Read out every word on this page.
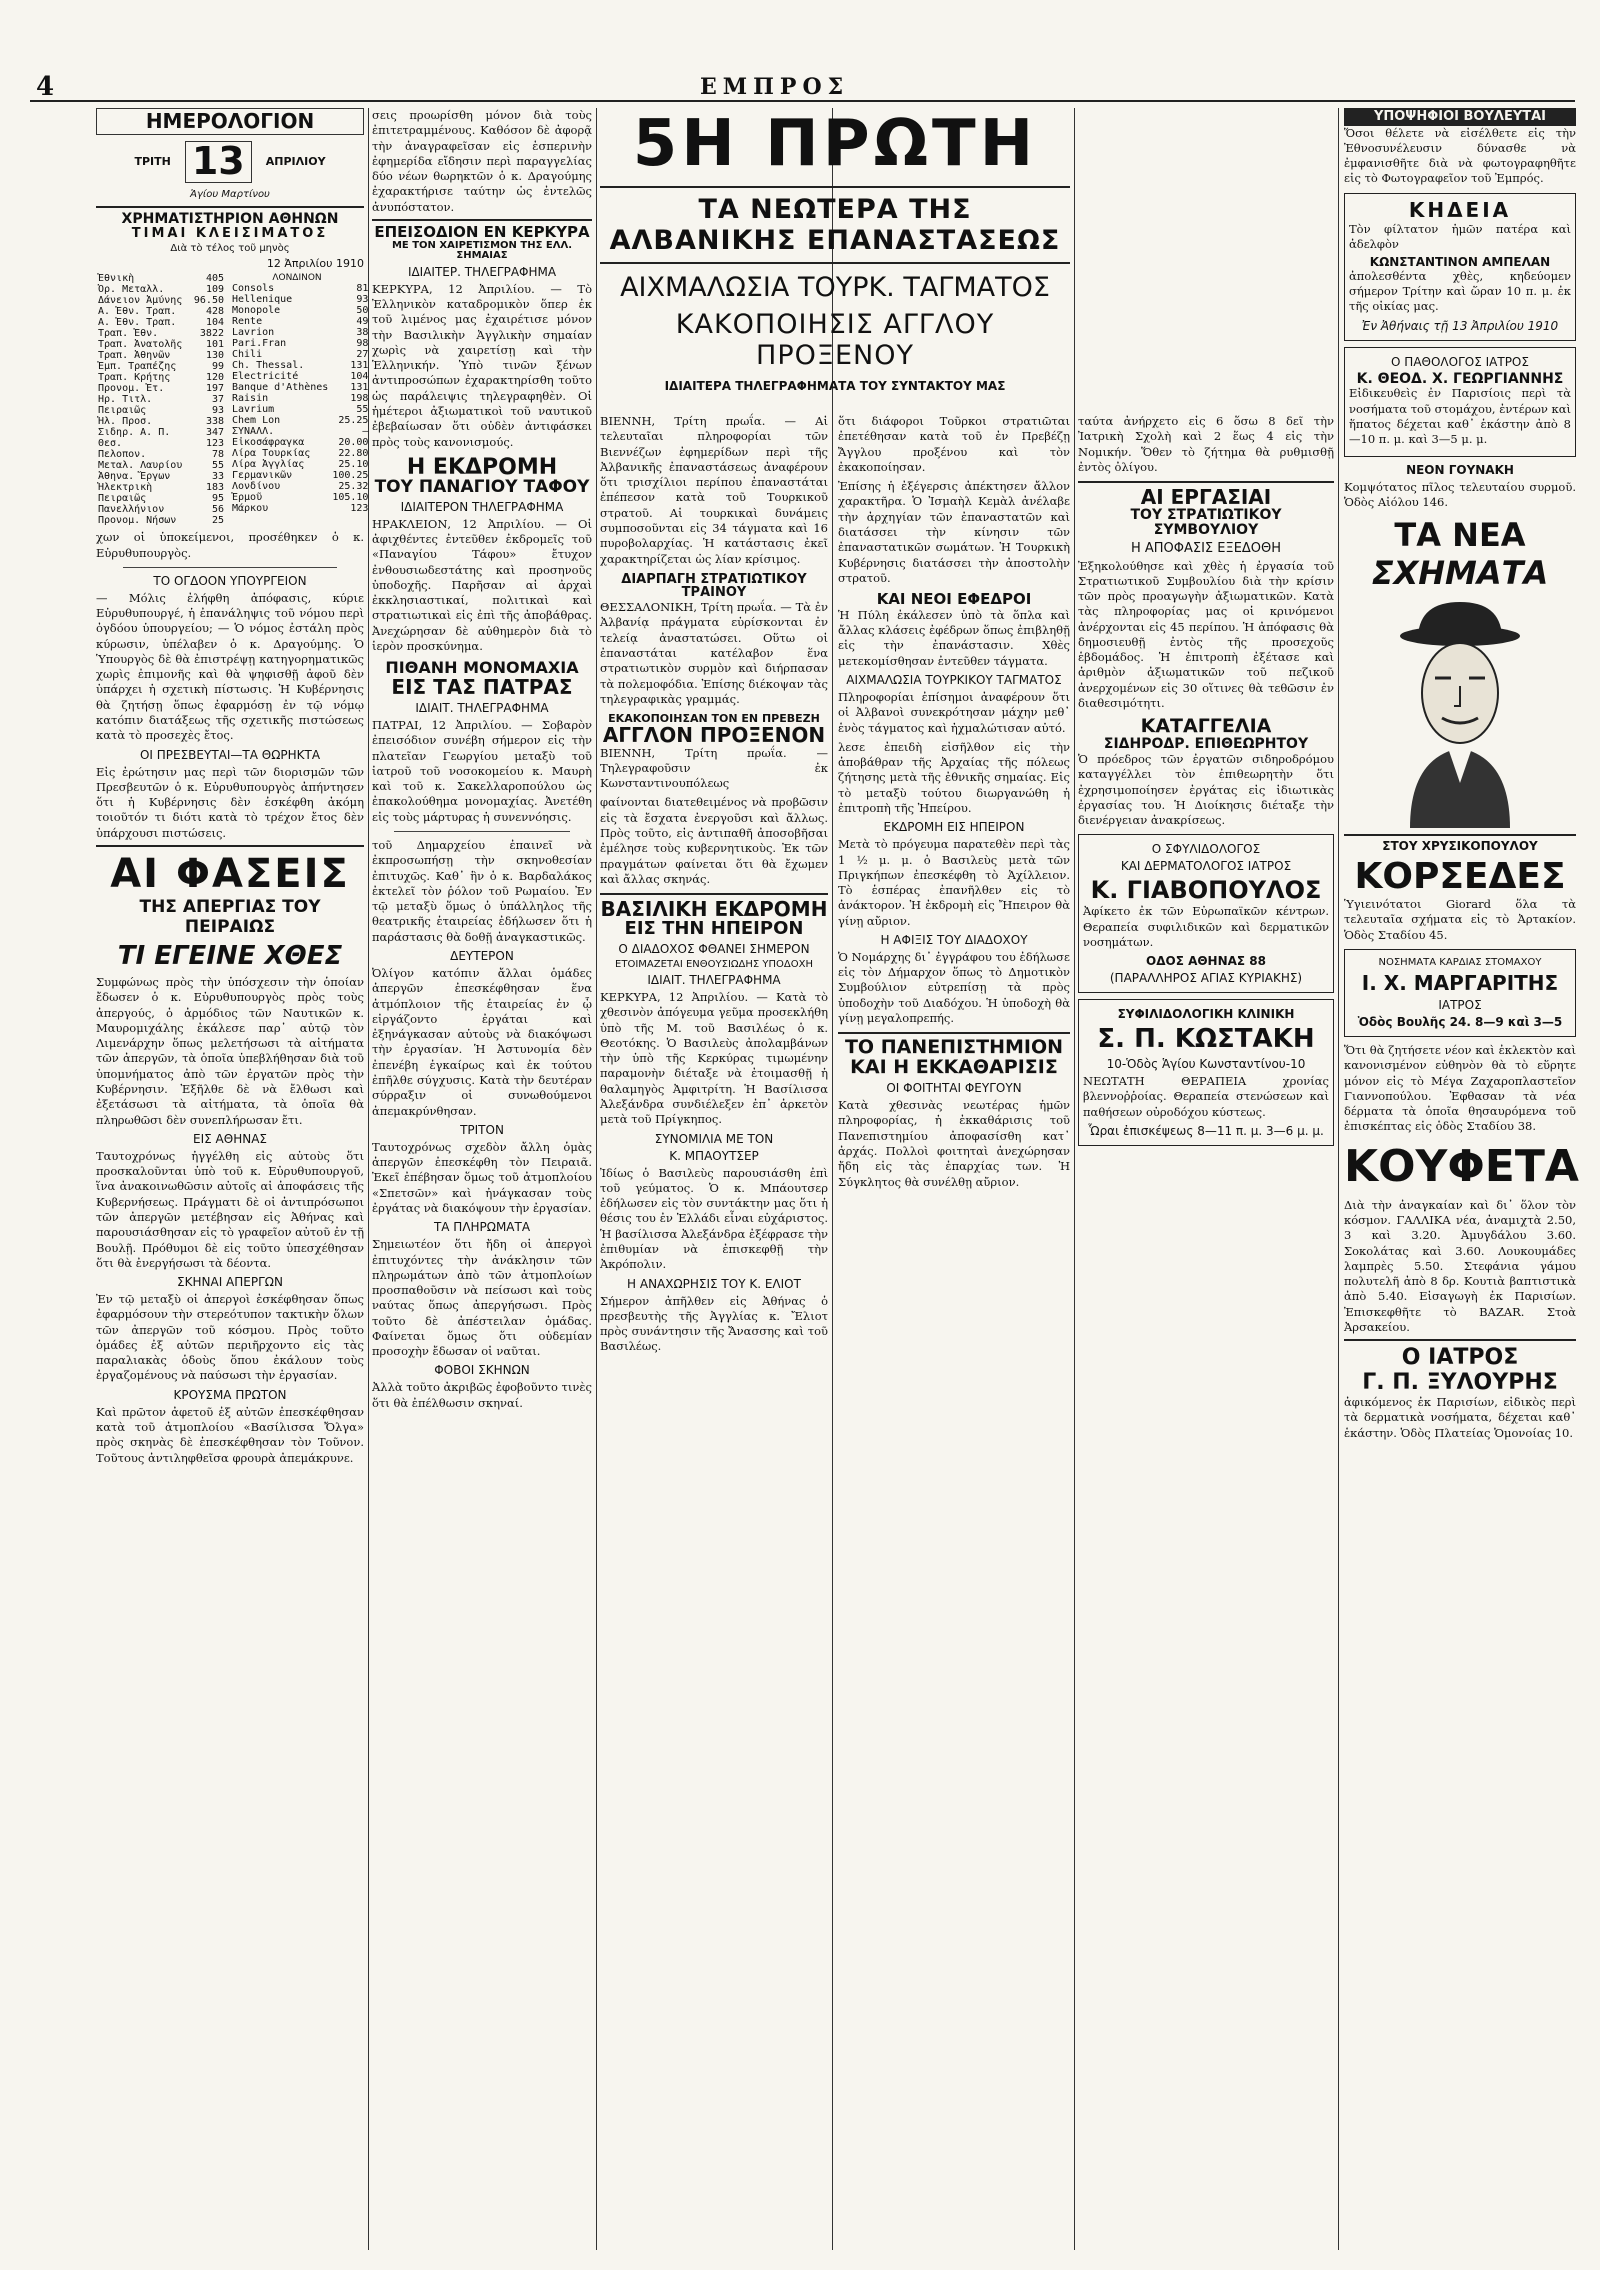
4	ΕΜΠΡΟΣ
ΗΜΕΡΟΛΟΓΙΟΝ
ΤΡΙΤΗ 13	ΑΠΡΙΛΙΟΥ
Ἁγίου Μαρτίνου
ΧΡΗΜΑΤΙΣΤΗΡΙΟΝ ΑΘΗΝΩΝ
ΤΙΜΑΙ ΚΛΕΙΣΙΜΑΤΟΣ
Διὰ τὸ τέλος τοῦ μηνὸς
12 Ἀπριλίου 1910
Ἐθνικὴ	405
Ὀρ. Μεταλλ.	109
Δάνειον Ἀμύνης	96.50
Α. Ἐθν. Τραπ.	428
Α. Ἐθν. Τραπ.	104
Τραπ. Ἐθν.	3822
Τραπ. Ἀνατολῆς	101
Τραπ. Ἀθηνῶν	130
Ἐμπ. Τραπέζης	99
Τραπ. Κρήτης	120
Προνομ. Ἐτ.	197
Ηρ. Τιτλ.	37
Πειραιῶς	93
Ἠλ. Προσ.	338
Σιδηρ. Α. Π.	347
Θεσ.	123
Πελοπον.	78
Μεταλ. Λαυρίου	55
Ἀθηνα. Ἔργων	33
Ἡλεκτρικὴ	183
Πειραιῶς	95
Πανελλήνιον	56
Προνομ. Νήσων	25
ΛΟΝΔΙΝΟΝ
Consols	81
Hellenique	93
Monopole	50
Rente	49
Lavrion	38
Pari.Fran	98
Chili	27
Ch. Thessal.	131
Electricité	104
Banque d'Athènes	131
Raisin	198
Lavrium	55
Chem Lon	25.25
ΣΥΝΑΛΛ.	—
Εἰκοσάφραγκα	20.00
Λίρα Τουρκίας	22.80
Λίρα Ἀγγλίας	25.10
Γερμανικῶν	100.25
Λονδίνου	25.32
Ἑρμοῦ	105.10
Μάρκου	123

χων οἱ ὑποκείμενοι, προσέθηκεν ὁ κ. Εὐρυθυπουργὸς.

ΤΟ ΟΓΔΟΟΝ ΥΠΟΥΡΓΕΙΟΝ

— Μόλις ἐλήφθη ἀπόφασις, κύριε Εὐρυθυπουργέ, ἡ ἐπανάληψις τοῦ νόμου περὶ ὀγδόου ὑπουργείου; — Ὁ νόμος ἐστάλη πρὸς κύρωσιν, ὑπέλαβεν ὁ κ. Δραγούμης. Ὁ Ὑπουργὸς δὲ θὰ ἐπιστρέψῃ κατηγορηματικῶς χωρὶς ἐπιμονῆς καὶ θὰ ψηφισθῇ ἀφοῦ δὲν ὑπάρχει ἡ σχετικὴ πίστωσις. Ἡ Κυβέρνησις θὰ ζητήσῃ ὅπως ἐφαρμόσῃ ἐν τῷ νόμῳ κατόπιν διατάξεως τῆς σχετικῆς πιστώσεως κατὰ τὸ προσεχὲς ἔτος.

ΟΙ ΠΡΕΣΒΕΥΤΑΙ—ΤΑ ΘΩΡΗΚΤΑ

Εἰς ἐρώτησιν μας περὶ τῶν διορισμῶν τῶν Πρεσβευτῶν ὁ κ. Εὐρυθυπουργὸς ἀπήντησεν ὅτι ἡ Κυβέρνησις δὲν ἐσκέφθη ἀκόμη τοιοῦτόν τι διότι κατὰ τὸ τρέχον ἔτος δὲν ὑπάρχουσι πιστώσεις.

ΑΙ ΦΑΣΕΙΣ
ΤΗΣ ΑΠΕΡΓΙΑΣ ΤΟΥ ΠΕΙΡΑΙΩΣ
ΤΙ ΕΓΕΙΝΕ ΧΘΕΣ

Συμφώνως πρὸς τὴν ὑπόσχεσιν τὴν ὁποίαν ἔδωσεν ὁ κ. Εὐρυθυπουργὸς πρὸς τοὺς ἀπεργούς, ὁ ἀρμόδιος τῶν Ναυτικῶν κ. Μαυρομιχάλης ἐκάλεσε παρ᾽ αὐτῷ τὸν Λιμενάρχην ὅπως μελετήσωσι τὰ αἰτήματα τῶν ἀπεργῶν, τὰ ὁποῖα ὑπεβλήθησαν διὰ τοῦ ὑπομνήματος ἀπὸ τῶν ἐργατῶν πρὸς τὴν Κυβέρνησιν. Ἐξῆλθε δὲ νὰ ἔλθωσι καὶ ἐξετάσωσι τὰ αἰτήματα, τὰ ὁποῖα θὰ πληρωθῶσι δὲν συνεπλήρωσαν ἔτι.

ΕΙΣ ΑΘΗΝΑΣ

Ταυτοχρόνως ἠγγέλθη εἰς αὐτοὺς ὅτι προσκαλοῦνται ὑπὸ τοῦ κ. Εὐρυθυπουργοῦ, ἵνα ἀνακοινωθῶσιν αὐτοῖς αἱ ἀποφάσεις τῆς Κυβερνήσεως. Πράγματι δὲ οἱ ἀντιπρόσωποι τῶν ἀπεργῶν μετέβησαν εἰς Ἀθήνας καὶ παρουσιάσθησαν εἰς τὸ γραφεῖον αὐτοῦ ἐν τῇ Βουλῇ. Πρόθυμοι δὲ εἰς τοῦτο ὑπεσχέθησαν ὅτι θὰ ἐνεργήσωσι τὰ δέοντα.

ΣΚΗΝΑΙ ΑΠΕΡΓΩΝ

Ἐν τῷ μεταξὺ οἱ ἀπεργοὶ ἐσκέφθησαν ὅπως ἐφαρμόσουν τὴν στερεότυπον τακτικὴν ὅλων τῶν ἀπεργῶν τοῦ κόσμου. Πρὸς τοῦτο ὁμάδες ἐξ αὐτῶν περιῆρχοντο εἰς τὰς παραλιακὰς ὁδοὺς ὅπου ἐκάλουν τοὺς ἐργαζομένους νὰ παύσωσι τὴν ἐργασίαν.

ΚΡΟΥΣΜΑ ΠΡΩΤΟΝ

Καὶ πρῶτον ἀφετοῦ ἐξ αὐτῶν ἐπεσκέφθησαν κατὰ τοῦ ἀτμοπλοίου «Βασίλισσα Ὄλγα» πρὸς σκηνὰς δὲ ἐπεσκέφθησαν τὸν Τοῦνον. Τοῦτους ἀντιληφθεῖσα φρουρὰ ἀπεμάκρυνε.

σεις προωρίσθη μόνον διὰ τοὺς ἐπιτετραμμένους. Καθόσον δὲ ἀφορᾷ τὴν ἀναγραφεῖσαν εἰς ἑσπερινὴν ἐφημερίδα εἴδησιν περὶ παραγγελίας δύο νέων θωρηκτῶν ὁ κ. Δραγούμης ἐχαρακτήρισε ταύτην ὡς ἐντελῶς ἀνυπόστατον.

ΕΠΕΙΣΟΔΙΟΝ ΕΝ ΚΕΡΚΥΡΑ
ΜΕ ΤΟΝ ΧΑΙΡΕΤΙΣΜΟΝ ΤΗΣ ΕΛΛ. ΣΗΜΑΙΑΣ
ΙΔΙΑΙΤΕΡ. ΤΗΛΕΓΡΑΦΗΜΑ

ΚΕΡΚΥΡΑ, 12 Ἀπριλίου. — Τὸ Ἐλληνικὸν καταδρομικὸν ὅπερ ἐκ τοῦ λιμένος μας ἐχαιρέτισε μόνον τὴν Βασιλικὴν Ἀγγλικὴν σημαίαν χωρὶς νὰ χαιρετίσῃ καὶ τὴν Ἑλληνικήν. Ὑπὸ τινῶν ξένων ἀντιπροσώπων ἐχαρακτηρίσθη τοῦτο ὡς παράλειψις τηλεγραφηθὲν. Οἱ ἡμέτεροι ἀξιωματικοὶ τοῦ ναυτικοῦ ἐβεβαίωσαν ὅτι οὐδὲν ἀντιφάσκει πρὸς τοὺς κανονισμούς.

Η ΕΚΔΡΟΜΗ
ΤΟΥ ΠΑΝΑΓΙΟΥ ΤΑΦΟΥ
ΙΔΙΑΙΤΕΡΟΝ ΤΗΛΕΓΡΑΦΗΜΑ

ΗΡΑΚΛΕΙΟΝ, 12 Ἀπριλίου. — Οἱ ἀφιχθέντες ἐντεῦθεν ἐκδρομεῖς τοῦ «Παναγίου Τάφου» ἔτυχον ἐνθουσιωδεστάτης καὶ προσηνοῦς ὑποδοχῆς. Παρῆσαν αἱ ἀρχαὶ ἐκκλησιαστικαί, πολιτικαὶ καὶ στρατιωτικαὶ εἰς ἐπὶ τῆς ἀποβάθρας. Ἀνεχώρησαν δὲ αὐθημερὸν διὰ τὸ ἱερὸν προσκύνημα.

ΠΙΘΑΝΗ ΜΟΝΟΜΑΧΙΑ
ΕΙΣ ΤΑΣ ΠΑΤΡΑΣ
ΙΔΙΑΙΤ. ΤΗΛΕΓΡΑΦΗΜΑ

ΠΑΤΡΑΙ, 12 Ἀπριλίου. — Σοβαρὸν ἐπεισόδιον συνέβη σήμερον εἰς τὴν πλατεῖαν Γεωργίου μεταξὺ τοῦ ἰατροῦ τοῦ νοσοκομείου κ. Μαυρὴ καὶ τοῦ κ. Σακελλαροπούλου ὡς ἐπακολούθημα μονομαχίας. Ἀνετέθη εἰς τοὺς μάρτυρας ἡ συνεννόησις.

τοῦ Δημαρχείου ἐπαινεῖ νὰ ἐκπροσωπήσῃ τὴν σκηνοθεσίαν ἐπιτυχῶς. Καθ᾽ ἣν ὁ κ. Βαρδαλάκος ἐκτελεῖ τὸν ῥόλον τοῦ Ρωμαίου. Ἐν τῷ μεταξὺ ὅμως ὁ ὑπάλληλος τῆς θεατρικῆς ἑταιρείας ἐδήλωσεν ὅτι ἡ παράστασις θὰ δοθῇ ἀναγκαστικῶς.

ΔΕΥΤΕΡΟΝ

Ὀλίγον κατόπιν ἄλλαι ὁμάδες ἀπεργῶν ἐπεσκέφθησαν ἕνα ἀτμόπλοιον τῆς ἑταιρείας ἐν ᾧ εἰργάζοντο ἐργάται καὶ ἐξηνάγκασαν αὐτοὺς νὰ διακόψωσι τὴν ἐργασίαν. Ἡ Ἀστυνομία δὲν ἐπενέβη ἐγκαίρως καὶ ἐκ τούτου ἐπῆλθε σύγχυσις. Κατὰ τὴν δευτέραν σύρραξιν οἱ συνωθούμενοι ἀπεμακρύνθησαν.

ΤΡΙΤΟΝ

Ταυτοχρόνως σχεδὸν ἄλλη ὁμὰς ἀπεργῶν ἐπεσκέφθη τὸν Πειραιᾶ. Ἐκεῖ ἐπέβησαν ὅμως τοῦ ἀτμοπλοίου «Σπετσῶν» καὶ ἠνάγκασαν τοὺς ἐργάτας νὰ διακόψουν τὴν ἐργασίαν.

ΤΑ ΠΛΗΡΩΜΑΤΑ

Σημειωτέον ὅτι ἤδη οἱ ἀπεργοὶ ἐπιτυχόντες τὴν ἀνάκλησιν τῶν πληρωμάτων ἀπὸ τῶν ἀτμοπλοίων προσπαθοῦσιν νὰ πείσωσι καὶ τοὺς ναύτας ὅπως ἀπεργήσωσι. Πρὸς τοῦτο δὲ ἀπέστειλαν ὁμάδας. Φαίνεται ὅμως ὅτι οὐδεμίαν προσοχὴν ἔδωσαν οἱ ναῦται.

ΦΟΒΟΙ ΣΚΗΝΩΝ

Ἀλλὰ τοῦτο ἀκριβῶς ἐφοβοῦντο τινὲς ὅτι θὰ ἐπέλθωσιν σκηναί.

5Η ΠΡΩΤΗ
ΤΑ ΝΕΩΤΕΡΑ ΤΗΣ ΑΛΒΑΝΙΚΗΣ ΕΠΑΝΑΣΤΑΣΕΩΣ
ΑΙΧΜΑΛΩΣΙΑ ΤΟΥΡΚ. ΤΑΓΜΑΤΟΣ
ΚΑΚΟΠΟΙΗΣΙΣ ΑΓΓΛΟΥ ΠΡΟΞΕΝΟΥ
ΙΔΙΑΙΤΕΡΑ ΤΗΛΕΓΡΑΦΗΜΑΤΑ ΤΟΥ ΣΥΝΤΑΚΤΟΥ ΜΑΣ

ΒΙΕΝΝΗ, Τρίτη πρωΐα. — Αἱ τελευταῖαι πληροφορίαι τῶν Βιεννέζων ἐφημερίδων περὶ τῆς Ἀλβανικῆς ἐπαναστάσεως ἀναφέρουν ὅτι τρισχίλιοι περίπου ἐπαναστάται ἐπέπεσον κατὰ τοῦ Τουρκικοῦ στρατοῦ. Αἱ τουρκικαὶ δυνάμεις συμποσοῦνται εἰς 34 τάγματα καὶ 16 πυροβολαρχίας. Ἡ κατάστασις ἐκεῖ χαρακτηρίζεται ὡς λίαν κρίσιμος.

ΔΙΑΡΠΑΓΗ ΣΤΡΑΤΙΩΤΙΚΟΥ ΤΡΑΙΝΟΥ

ΘΕΣΣΑΛΟΝΙΚΗ, Τρίτη πρωΐα. — Τὰ ἐν Ἀλβανίᾳ πράγματα εὑρίσκονται ἐν τελείᾳ ἀναστατώσει. Οὕτω οἱ ἐπαναστάται κατέλαβον ἕνα στρατιωτικὸν συρμὸν καὶ διήρπασαν τὰ πολεμοφόδια. Ἐπίσης διέκοψαν τὰς τηλεγραφικὰς γραμμάς.

ΕΚΑΚΟΠΟΙΗΣΑΝ ΤΟΝ ΕΝ ΠΡΕΒΕΖΗ
ΑΓΓΛΟΝ ΠΡΟΞΕΝΟΝ

ΒΙΕΝΝΗ, Τρίτη πρωΐα. — Τηλεγραφοῦσιν ἐκ Κωνσταντινουπόλεως

φαίνονται διατεθειμένος νὰ προβῶσιν εἰς τὰ ἔσχατα ἐνεργοῦσι καὶ ἄλλως. Πρὸς τοῦτο, εἰς ἀντιπαθῆ ἀποσοβῆσαι ἐμέλησε τοὺς κυβερνητικοὺς. Ἐκ τῶν πραγμάτων φαίνεται ὅτι θὰ ἔχωμεν καὶ ἄλλας σκηνάς.

ΒΑΣΙΛΙΚΗ ΕΚΔΡΟΜΗ
ΕΙΣ ΤΗΝ ΗΠΕΙΡΟΝ
Ο ΔΙΑΔΟΧΟΣ ΦΘΑΝΕΙ ΣΗΜΕΡΟΝ
ΕΤΟΙΜΑΖΕΤΑΙ ΕΝΘΟΥΣΙΩΔΗΣ ΥΠΟΔΟΧΗ
ΙΔΙΑΙΤ. ΤΗΛΕΓΡΑΦΗΜΑ

ΚΕΡΚΥΡΑ, 12 Ἀπριλίου. — Κατὰ τὸ χθεσινὸν ἀπόγευμα γεῦμα προσεκλήθη ὑπὸ τῆς Μ. τοῦ Βασιλέως ὁ κ. Θεοτόκης. Ὁ Βασιλεὺς ἀπολαμβάνων τὴν ὑπὸ τῆς Κερκύρας τιμωμένην παραμονὴν διέταξε νὰ ἐτοιμασθῇ ἡ θαλαμηγὸς Ἀμφιτρίτη. Ἡ Βασίλισσα Ἀλεξάνδρα συνδιέλεξεν ἐπ᾽ ἀρκετὸν μετὰ τοῦ Πρίγκηπος.

ΣΥΝΟΜΙΛΙΑ ΜΕ ΤΟΝ
Κ. ΜΠΑΟΥΤΣΕΡ

Ἰδίως ὁ Βασιλεὺς παρουσιάσθη ἐπὶ τοῦ γεύματος. Ὁ κ. Μπάουτσερ ἐδήλωσεν εἰς τὸν συντάκτην μας ὅτι ἡ θέσις του ἐν Ἑλλάδι εἶναι εὐχάριστος. Ἡ βασίλισσα Ἀλεξάνδρα ἐξέφρασε τὴν ἐπιθυμίαν νὰ ἐπισκεφθῇ τὴν Ἀκρόπολιν.

Η ΑΝΑΧΩΡΗΣΙΣ ΤΟΥ Κ. ΕΛΙΟΤ

Σήμερον ἀπῆλθεν εἰς Ἀθήνας ὁ πρεσβευτὴς τῆς Ἀγγλίας κ. Ἔλιοτ πρὸς συνάντησιν τῆς Ἄνασσης καὶ τοῦ Βασιλέως.

ὅτι διάφοροι Τοῦρκοι στρατιῶται ἐπετέθησαν κατὰ τοῦ ἐν Πρεβέζῃ Ἄγγλου προξένου καὶ τὸν ἐκακοποίησαν.

Ἐπίσης ἡ ἐξέγερσις ἀπέκτησεν ἄλλον χαρακτῆρα. Ὁ Ἰσμαὴλ Κεμὰλ ἀνέλαβε τὴν ἀρχηγίαν τῶν ἐπαναστατῶν καὶ διατάσσει τὴν κίνησιν τῶν ἐπαναστατικῶν σωμάτων. Ἡ Τουρκικὴ Κυβέρνησις διατάσσει τὴν ἀποστολὴν στρατοῦ.

ΚΑΙ ΝΕΟΙ ΕΦΕΔΡΟΙ

Ἡ Πύλη ἐκάλεσεν ὑπὸ τὰ ὅπλα καὶ ἄλλας κλάσεις ἐφέδρων ὅπως ἐπιβληθῇ εἰς τὴν ἐπανάστασιν. Χθὲς μετεκομίσθησαν ἐντεῦθεν τάγματα.

ΑΙΧΜΑΛΩΣΙΑ ΤΟΥΡΚΙΚΟΥ ΤΑΓΜΑΤΟΣ

Πληροφορίαι ἐπίσημοι ἀναφέρουν ὅτι οἱ Ἀλβανοὶ συνεκρότησαν μάχην μεθ᾽ ἑνὸς τάγματος καὶ ἠχμαλώτισαν αὐτό.

λεσε ἐπειδὴ εἰσῆλθον εἰς τὴν ἀποβάθραν τῆς Ἀρχαίας τῆς πόλεως ζήτησης μετὰ τῆς ἐθνικῆς σημαίας. Εἰς τὸ μεταξὺ τούτου διωργανώθη ἡ ἐπιτροπὴ τῆς Ἠπείρου.

ΕΚΔΡΟΜΗ ΕΙΣ ΗΠΕΙΡΟΝ

Μετὰ τὸ πρόγευμα παρατεθὲν περὶ τὰς 1 ½ μ. μ. ὁ Βασιλεὺς μετὰ τῶν Πριγκήπων ἐπεσκέφθη τὸ Ἀχίλλειον. Τὸ ἑσπέρας ἐπανῆλθεν εἰς τὸ ἀνάκτορον. Ἡ ἐκδρομὴ εἰς Ἤπειρον θὰ γίνῃ αὔριον.

Η ΑΦΙΞΙΣ ΤΟΥ ΔΙΑΔΟΧΟΥ

Ὁ Νομάρχης δι᾽ ἐγγράφου του ἐδήλωσε εἰς τὸν Δήμαρχον ὅπως τὸ Δημοτικὸν Συμβούλιον εὐτρεπίσῃ τὰ πρὸς ὑποδοχὴν τοῦ Διαδόχου. Ἡ ὑποδοχὴ θὰ γίνῃ μεγαλοπρεπής.

ΤΟ ΠΑΝΕΠΙΣΤΗΜΙΟΝ
ΚΑΙ Η ΕΚΚΑΘΑΡΙΣΙΣ
ΟΙ ΦΟΙΤΗΤΑΙ ΦΕΥΓΟΥΝ

Κατὰ χθεσινὰς νεωτέρας ἡμῶν πληροφορίας, ἡ ἐκκαθάρισις τοῦ Πανεπιστημίου ἀποφασίσθη κατ᾽ ἀρχάς. Πολλοὶ φοιτηταὶ ἀνεχώρησαν ἤδη εἰς τὰς ἐπαρχίας των. Ἡ Σύγκλητος θὰ συνέλθῃ αὔριον.

ταύτα ἀνήρχετο εἰς 6 ὅσω 8 δεῖ τὴν Ἰατρικὴ Σχολὴ καὶ 2 ἕως 4 εἰς τὴν Νομικήν. Ὅθεν τὸ ζήτημα θὰ ρυθμισθῇ ἐντὸς ὀλίγου.

ΑΙ ΕΡΓΑΣΙΑΙ
ΤΟΥ ΣΤΡΑΤΙΩΤΙΚΟΥ ΣΥΜΒΟΥΛΙΟΥ
Η ΑΠΟΦΑΣΙΣ ΕΞΕΔΟΘΗ

Ἐξηκολούθησε καὶ χθὲς ἡ ἐργασία τοῦ Στρατιωτικοῦ Συμβουλίου διὰ τὴν κρίσιν τῶν πρὸς προαγωγὴν ἀξιωματικῶν. Κατὰ τὰς πληροφορίας μας οἱ κρινόμενοι ἀνέρχονται εἰς 45 περίπου. Ἡ ἀπόφασις θὰ δημοσιευθῇ ἐντὸς τῆς προσεχοῦς ἑβδομάδος. Ἡ ἐπιτροπὴ ἐξέτασε καὶ ἀριθμὸν ἀξιωματικῶν τοῦ πεζικοῦ ἀνερχομένων εἰς 30 οἵτινες θὰ τεθῶσιν ἐν διαθεσιμότητι.

ΚΑΤΑΓΓΕΛΙΑ
ΣΙΔΗΡΟΔΡ. ΕΠΙΘΕΩΡΗΤΟΥ

Ὁ πρόεδρος τῶν ἐργατῶν σιδηροδρόμου καταγγέλλει τὸν ἐπιθεωρητὴν ὅτι ἐχρησιμοποίησεν ἐργάτας εἰς ἰδιωτικὰς ἐργασίας του. Ἡ Διοίκησις διέταξε τὴν διενέργειαν ἀνακρίσεως.

Ο ΣΦΥΛΙΔΟΛΟΓΟΣ
ΚΑΙ ΔΕΡΜΑΤΟΛΟΓΟΣ ΙΑΤΡΟΣ
Κ. ΓΙΑΒΟΠΟΥΛΟΣ

Ἀφίκετο ἐκ τῶν Εὐρωπαϊκῶν κέντρων. Θεραπεία συφιλιδικῶν καὶ δερματικῶν νοσημάτων.

ΟΔΟΣ ΑΘΗΝΑΣ 88
(ΠΑΡΑΛΛΗΡΟΣ ΑΓΙΑΣ ΚΥΡΙΑΚΗΣ)
ΣΥΦΙΛΙΔΟΛΟΓΙΚΗ ΚΛΙΝΙΚΗ
Σ. Π. ΚΩΣΤΑΚΗ
10-Ὁδὸς Ἁγίου Κωνσταντίνου-10

ΝΕΩΤΑΤΗ ΘΕΡΑΠΕΙΑ χρονίας βλεννοῤῥοίας. Θεραπεία στενώσεων καὶ παθήσεων οὐροδόχου κύστεως.

Ὧραι ἐπισκέψεως 8—11 π. μ. 3—6 μ. μ.
ΥΠΟΨΗΦΙΟΙ ΒΟΥΛΕΥΤΑΙ

Ὅσοι θέλετε νὰ εἰσέλθετε εἰς τὴν Ἐθνοσυνέλευσιν δύνασθε νὰ ἐμφανισθῆτε διὰ νὰ φωτογραφηθῆτε εἰς τὸ Φωτογραφεῖον τοῦ Ἐμπρός.

ΚΗΔΕΙΑ

Τὸν φίλτατον ἡμῶν πατέρα καὶ ἀδελφὸν

ΚΩΝΣΤΑΝΤΙΝΟΝ ΑΜΠΕΛΑΝ

ἀπολεσθέντα χθὲς, κηδεύομεν σήμερον Τρίτην καὶ ὥραν 10 π. μ. ἐκ τῆς οἰκίας μας.

Ἐν Ἀθήναις τῇ 13 Ἀπριλίου 1910
Ο ΠΑΘΟΛΟΓΟΣ ΙΑΤΡΟΣ
Κ. ΘΕΟΔ. Χ. ΓΕΩΡΓΙΑΝΝΗΣ

Εἰδικευθεὶς ἐν Παρισίοις περὶ τὰ νοσήματα τοῦ στομάχου, ἐντέρων καὶ ἥπατος δέχεται καθ᾽ ἑκάστην ἀπὸ 8—10 π. μ. καὶ 3—5 μ. μ.

ΝΕΟΝ ΓΟΥΝΑΚΗ

Κομψότατος πῖλος τελευταίου συρμοῦ. Ὁδὸς Αἰόλου 146.

ΤΑ ΝΕΑ
ΣΧΗΜΑΤΑ
ΣΤΟΥ ΧΡΥΣΙΚΟΠΟΥΛΟΥ
ΚΟΡΣΕΔΕΣ

Ὑγιεινότατοι Giorard ὅλα τὰ τελευταῖα σχήματα εἰς τὸ Ἀρτακίον. Ὁδὸς Σταδίου 45.

ΝΟΣΗΜΑΤΑ ΚΑΡΔΙΑΣ ΣΤΟΜΑΧΟΥ
Ι. Χ. ΜΑΡΓΑΡΙΤΗΣ
ΙΑΤΡΟΣ
Ὁδὸς Βουλῆς 24. 8—9 καὶ 3—5

Ὅτι θὰ ζητήσετε νέον καὶ ἐκλεκτὸν καὶ κανονισμένον εὑθηνὸν θὰ τὸ εὕρητε μόνον εἰς τὸ Μέγα Ζαχαροπλαστεῖον Γιαννοπούλου. Ἐφθασαν τὰ νέα δέρματα τὰ ὁποῖα θησαυρόμενα τοῦ ἐπισκέπτας εἰς ὁδὸς Σταδίου 38.

ΚΟΥΦΕΤΑ

Διὰ τὴν ἀναγκαίαν καὶ δι᾽ ὅλον τὸν κόσμον. ΓΑΛΛΙΚΑ νέα, ἀναμιχτὰ 2.50, 3 καὶ 3.20. Ἀμυγδάλου 3.60. Σοκολάτας καὶ 3.60. Λουκουμάδες λαμπρὲς 5.50. Στεφάνια γάμου πολυτελῆ ἀπὸ 8 δρ. Κουτιὰ βαπτιστικὰ ἀπὸ 5.40. Εἰσαγωγὴ ἐκ Παρισίων. Ἐπισκεφθῆτε τὸ BAZAR. Στοὰ Ἀρσακείου.

Ο ΙΑΤΡΟΣ
Γ. Π. ΞΥΛΟΥΡΗΣ

ἀφικόμενος ἐκ Παρισίων, εἰδικὸς περὶ τὰ δερματικὰ νοσήματα, δέχεται καθ᾽ ἑκάστην. Ὁδὸς Πλατείας Ὁμονοίας 10.
